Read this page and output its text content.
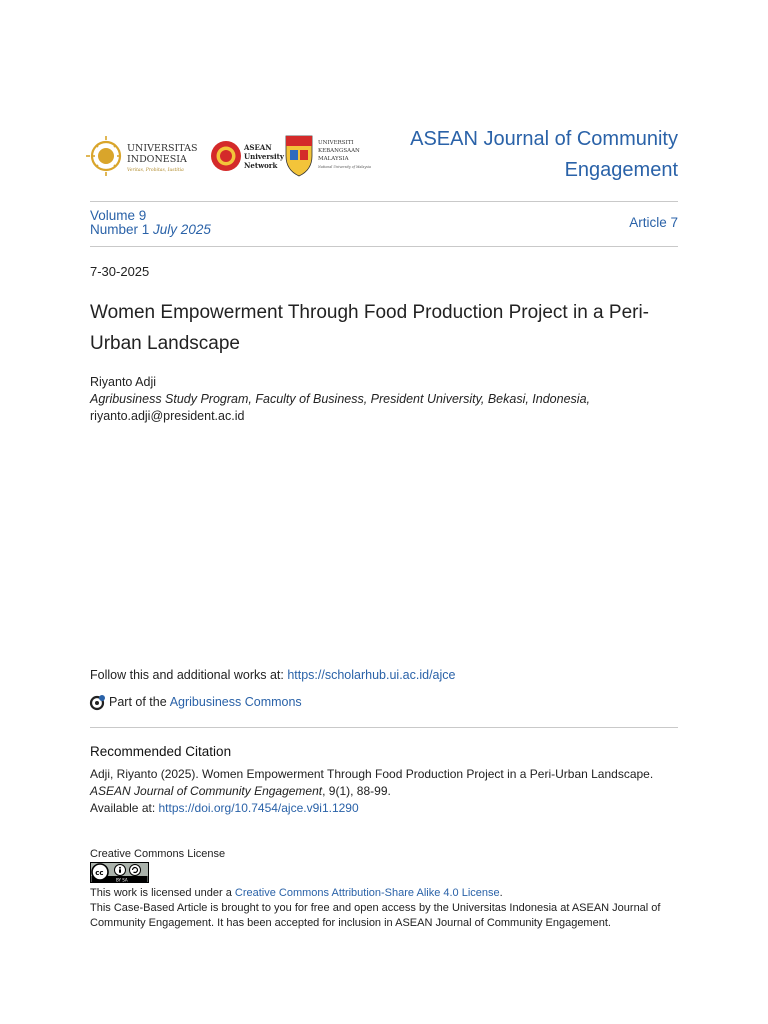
UNIVERSITAS
INDONESIA
Veritas, Probitas, Iustitia
ASEAN
University
Network
UNIVERSITI
KEBANGSAAN
MALAYSIA
National University of Malaysia
ASEAN Journal of Community Engagement
Volume 9
Number 1 July 2025	Article 7
7-30-2025
Women Empowerment Through Food Production Project in a Peri-Urban Landscape
Riyanto Adji
Agribusiness Study Program, Faculty of Business, President University, Bekasi, Indonesia,
riyanto.adji@president.ac.id
Follow this and additional works at: https://scholarhub.ui.ac.id/ajce
Part of the Agribusiness Commons
Recommended Citation
Adji, Riyanto (2025). Women Empowerment Through Food Production Project in a Peri-Urban Landscape.
ASEAN Journal of Community Engagement, 9(1), 88-99.
Available at: https://doi.org/10.7454/ajce.v9i1.1290
Creative Commons License
cc
BY SA
This work is licensed under a Creative Commons Attribution-Share Alike 4.0 License.
This Case-Based Article is brought to you for free and open access by the Universitas Indonesia at ASEAN Journal of Community Engagement. It has been accepted for inclusion in ASEAN Journal of Community Engagement.
